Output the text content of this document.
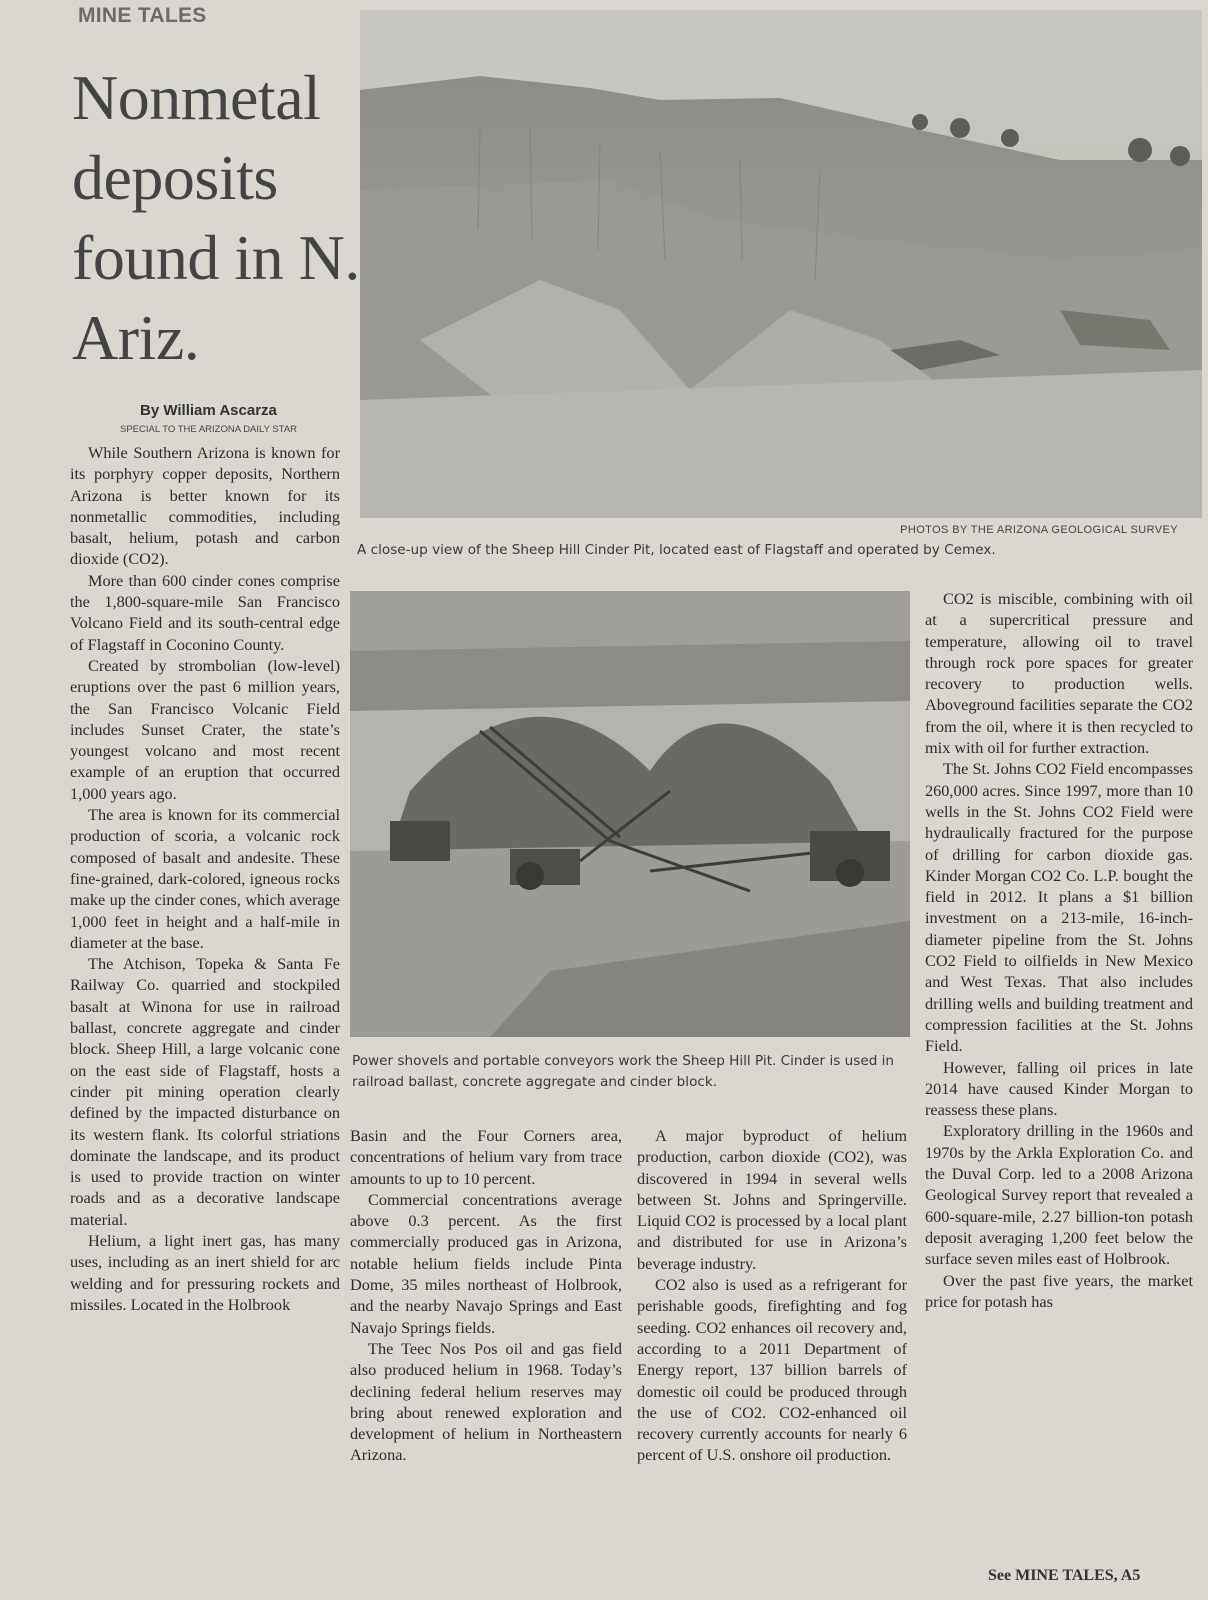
MINE TALES
Nonmetal deposits found in N. Ariz.
By William Ascarza
SPECIAL TO THE ARIZONA DAILY STAR
PHOTOS BY THE ARIZONA GEOLOGICAL SURVEY
A close-up view of the Sheep Hill Cinder Pit, located east of Flagstaff and operated by Cemex.
Power shovels and portable conveyors work the Sheep Hill Pit. Cinder is used in railroad ballast, concrete aggregate and cinder block.

While Southern Arizona is known for its porphyry copper deposits, Northern Arizona is better known for its nonmetallic commodities, including basalt, helium, potash and carbon dioxide (CO2).

More than 600 cinder cones comprise the 1,800-square-mile San Francisco Volcano Field and its south-central edge of Flagstaff in Coconino County.

Created by strombolian (low-level) eruptions over the past 6 million years, the San Francisco Volcanic Field includes Sunset Crater, the state’s youngest volcano and most recent example of an eruption that occurred 1,000 years ago.

The area is known for its commercial production of scoria, a volcanic rock composed of basalt and andesite. These fine-grained, dark-colored, igneous rocks make up the cinder cones, which average 1,000 feet in height and a half-mile in diameter at the base.

The Atchison, Topeka & Santa Fe Railway Co. quarried and stockpiled basalt at Winona for use in railroad ballast, concrete aggregate and cinder block. Sheep Hill, a large volcanic cone on the east side of Flagstaff, hosts a cinder pit mining operation clearly defined by the impacted disturbance on its western flank. Its colorful striations dominate the landscape, and its product is used to provide traction on winter roads and as a decorative landscape material.

Helium, a light inert gas, has many uses, including as an inert shield for arc welding and for pressuring rockets and missiles. Located in the Holbrook

Basin and the Four Corners area, concentrations of helium vary from trace amounts to up to 10 percent.

Commercial concentrations average above 0.3 percent. As the first commercially produced gas in Arizona, notable helium fields include Pinta Dome, 35 miles northeast of Holbrook, and the nearby Navajo Springs and East Navajo Springs fields.

The Teec Nos Pos oil and gas field also produced helium in 1968. Today’s declining federal helium reserves may bring about renewed exploration and development of helium in Northeastern Arizona.

A major byproduct of helium production, carbon dioxide (CO2), was discovered in 1994 in several wells between St. Johns and Springerville. Liquid CO2 is processed by a local plant and distributed for use in Arizona’s beverage industry.

CO2 also is used as a refrigerant for perishable goods, firefighting and fog seeding. CO2 enhances oil recovery and, according to a 2011 Department of Energy report, 137 billion barrels of domestic oil could be produced through the use of CO2. CO2-enhanced oil recovery currently accounts for nearly 6 percent of U.S. onshore oil production.

CO2 is miscible, combining with oil at a supercritical pressure and temperature, allowing oil to travel through rock pore spaces for greater recovery to production wells. Aboveground facilities separate the CO2 from the oil, where it is then recycled to mix with oil for further extraction.

The St. Johns CO2 Field encompasses 260,000 acres. Since 1997, more than 10 wells in the St. Johns CO2 Field were hydraulically fractured for the purpose of drilling for carbon dioxide gas. Kinder Morgan CO2 Co. L.P. bought the field in 2012. It plans a $1 billion investment on a 213-mile, 16-inch-diameter pipeline from the St. Johns CO2 Field to oilfields in New Mexico and West Texas. That also includes drilling wells and building treatment and compression facilities at the St. Johns Field.

However, falling oil prices in late 2014 have caused Kinder Morgan to reassess these plans.

Exploratory drilling in the 1960s and 1970s by the Arkla Exploration Co. and the Duval Corp. led to a 2008 Arizona Geological Survey report that revealed a 600-square-mile, 2.27 billion-ton potash deposit averaging 1,200 feet below the surface seven miles east of Holbrook.

Over the past five years, the market price for potash has

See MINE TALES, A5
